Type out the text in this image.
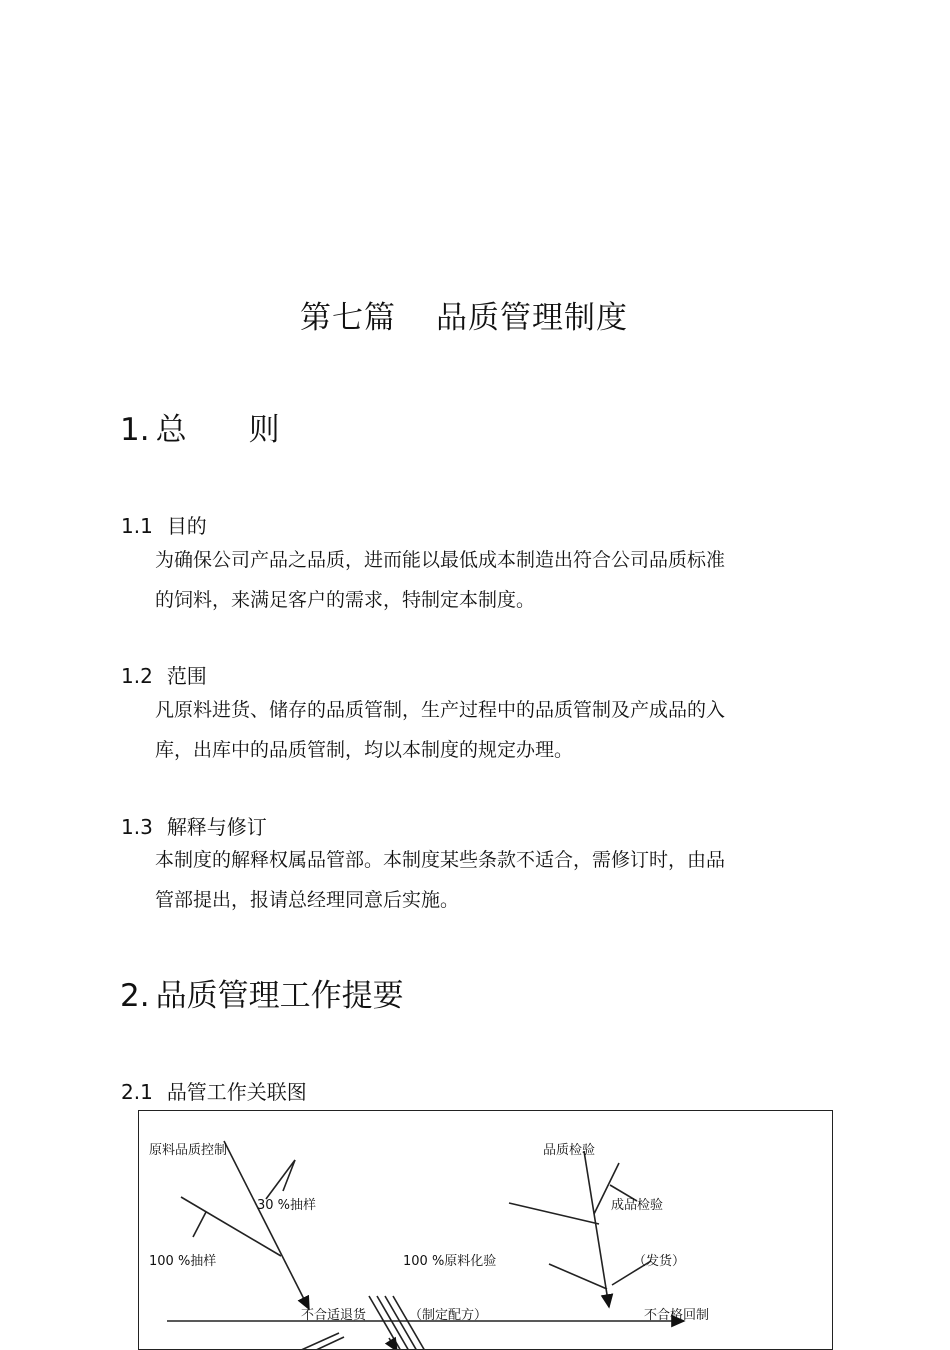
第七篇 品质管理制度
1. 总　　则
1.1 目的
为确保公司产品之品质，进而能以最低成本制造出符合公司品质标准
的饲料，来满足客户的需求，特制定本制度。
1.2 范围
凡原料进货、储存的品质管制，生产过程中的品质管制及产成品的入
库，出库中的品质管制，均以本制度的规定办理。
1.3 解释与修订
本制度的解释权属品管部。本制度某些条款不适合，需修订时，由品
管部提出，报请总经理同意后实施。
2. 品质管理工作提要
2.1 品管工作关联图
原料品质控制
30 %抽样
100 %抽样
不合适退货	（制定配方）
100 %原料化验
品质检验
成品检验
（发货）
不合格回制
